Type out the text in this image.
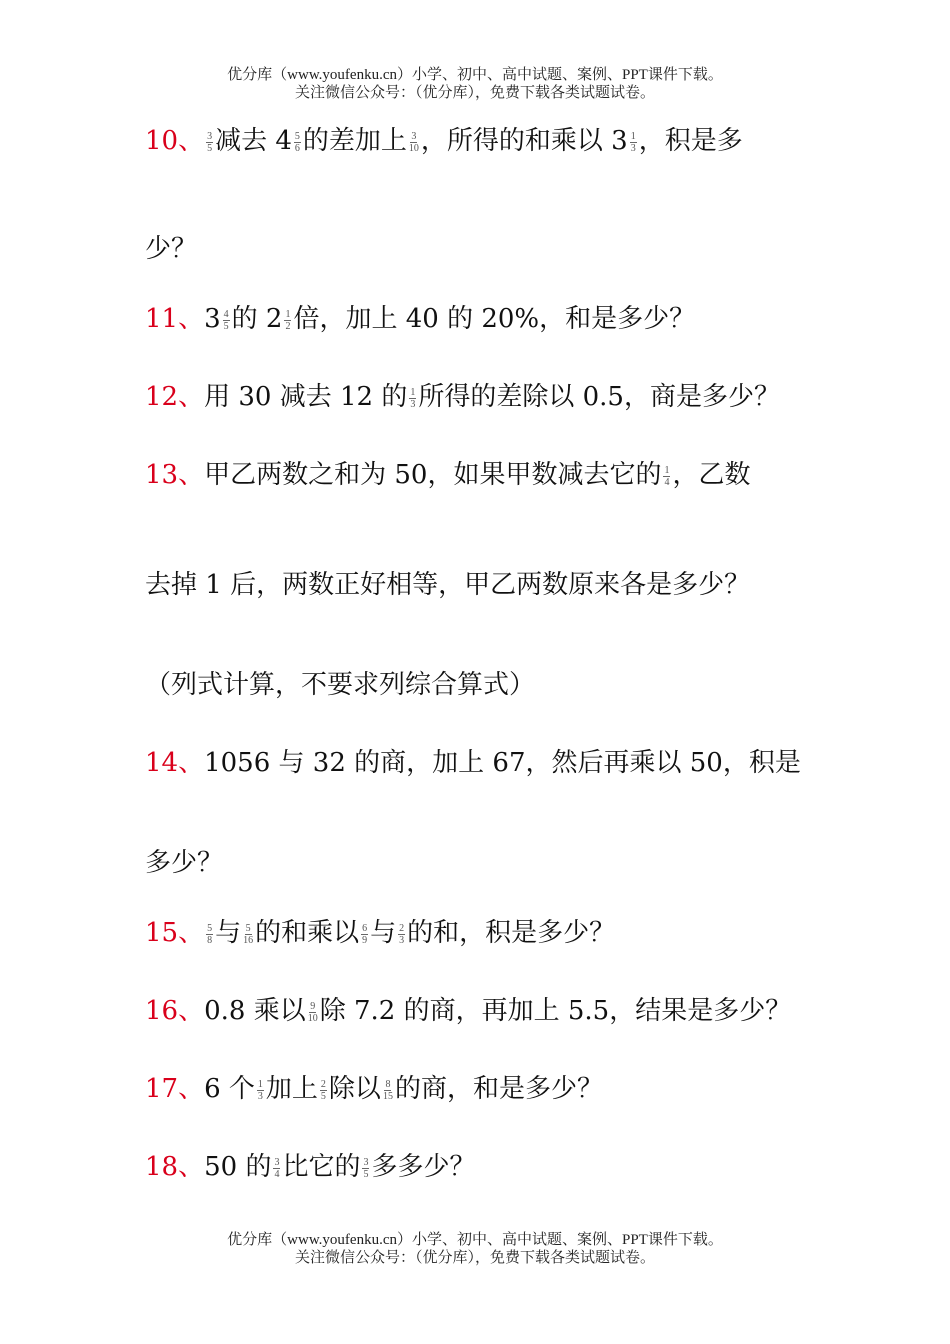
优分库（www.youfenku.cn）小学、初中、高中试题、案例、PPT课件下载。
关注微信公众号：（优分库），免费下载各类试题试卷。
10、 $\frac{3}{5}$ 减去 $4 \frac{5}{6}$ 的差加上 $\frac{3}{10}$ ，所得的和乘以 $3 \frac{1}{3}$ ，积是多
少？
11、$3 \frac{4}{5}$ 的 $2 \frac{1}{2}$ 倍，加上 40 的 20%，和是多少？
12、用 30 减去 12 的 $\frac{1}{3}$ 所得的差除以 0.5，商是多少？
13、甲乙两数之和为 50，如果甲数减去它的 $\frac{1}{4}$ ，乙数
去掉 1 后，两数正好相等，甲乙两数原来各是多少？
（列式计算，不要求列综合算式）
14、1056 与 32 的商，加上 67，然后再乘以 50，积是
多少？
15、 $\frac{5}{8}$ 与 $\frac{5}{16}$ 的和乘以 $\frac{6}{9}$ 与 $\frac{2}{3}$ 的和，积是多少？
16、0.8 乘以 $\frac{9}{10}$ 除 7.2 的商，再加上 5.5，结果是多少？
17、6 个 $\frac{1}{3}$ 加上 $\frac{2}{5}$ 除以 $\frac{8}{15}$ 的商，和是多少？
18、50 的 $\frac{3}{4}$ 比它的 $\frac{3}{5}$ 多多少？
优分库（www.youfenku.cn）小学、初中、高中试题、案例、PPT课件下载。
关注微信公众号：（优分库），免费下载各类试题试卷。
